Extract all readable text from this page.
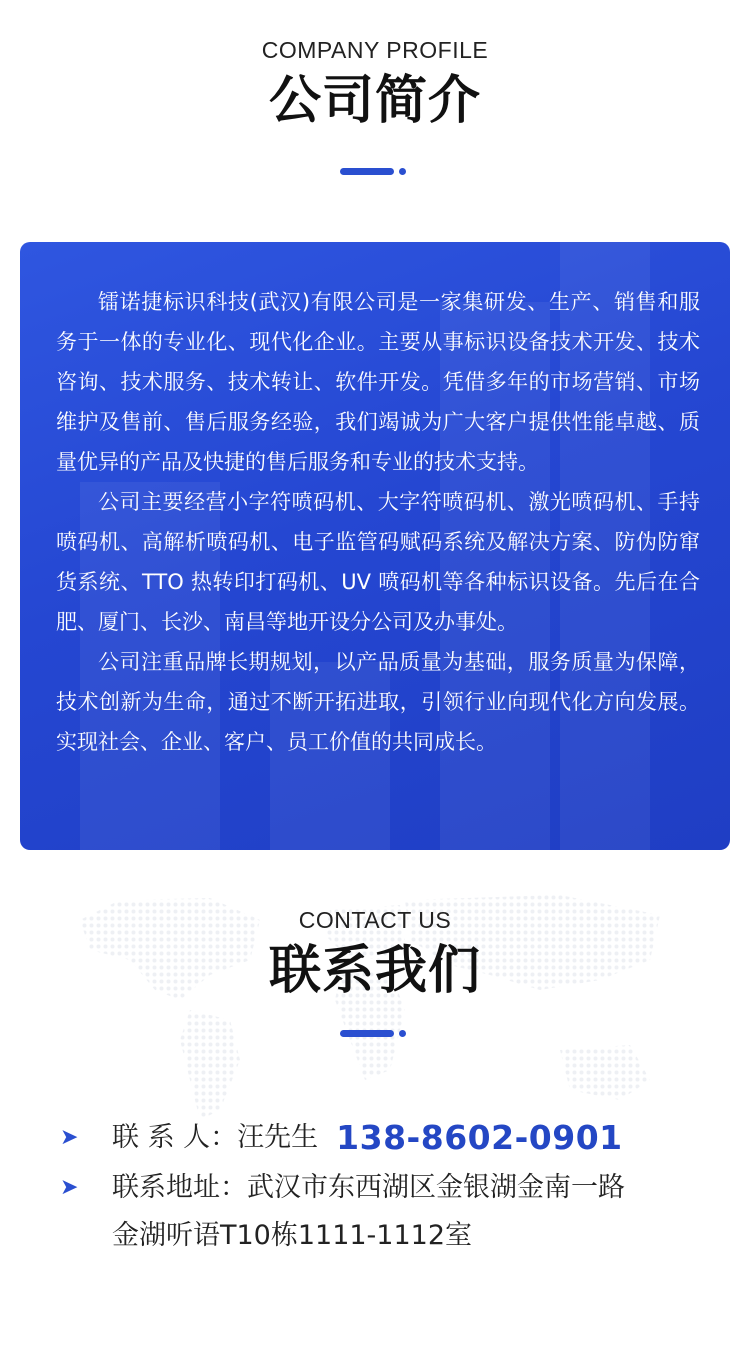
COMPANY PROFILE
公司简介

镭诺捷标识科技(武汉)有限公司是一家集研发、生产、销售和服务于一体的专业化、现代化企业。主要从事标识设备技术开发、技术咨询、技术服务、技术转让、软件开发。凭借多年的市场营销、市场维护及售前、售后服务经验，我们竭诚为广大客户提供性能卓越、质量优异的产品及快捷的售后服务和专业的技术支持。

公司主要经营小字符喷码机、大字符喷码机、激光喷码机、手持喷码机、高解析喷码机、电子监管码赋码系统及解决方案、防伪防窜货系统、TTO 热转印打码机、UV 喷码机等各种标识设备。先后在合肥、厦门、长沙、南昌等地开设分公司及办事处。

公司注重品牌长期规划，以产品质量为基础，服务质量为保障，技术创新为生命，通过不断开拓进取，引领行业向现代化方向发展。实现社会、企业、客户、员工价值的共同成长。

CONTACT US
联系我们
➤	联 系 人： 汪先生 138-8602-0901
➤	联系地址： 武汉市东西湖区金银湖金南一路
金湖听语T10栋1111-1112室
